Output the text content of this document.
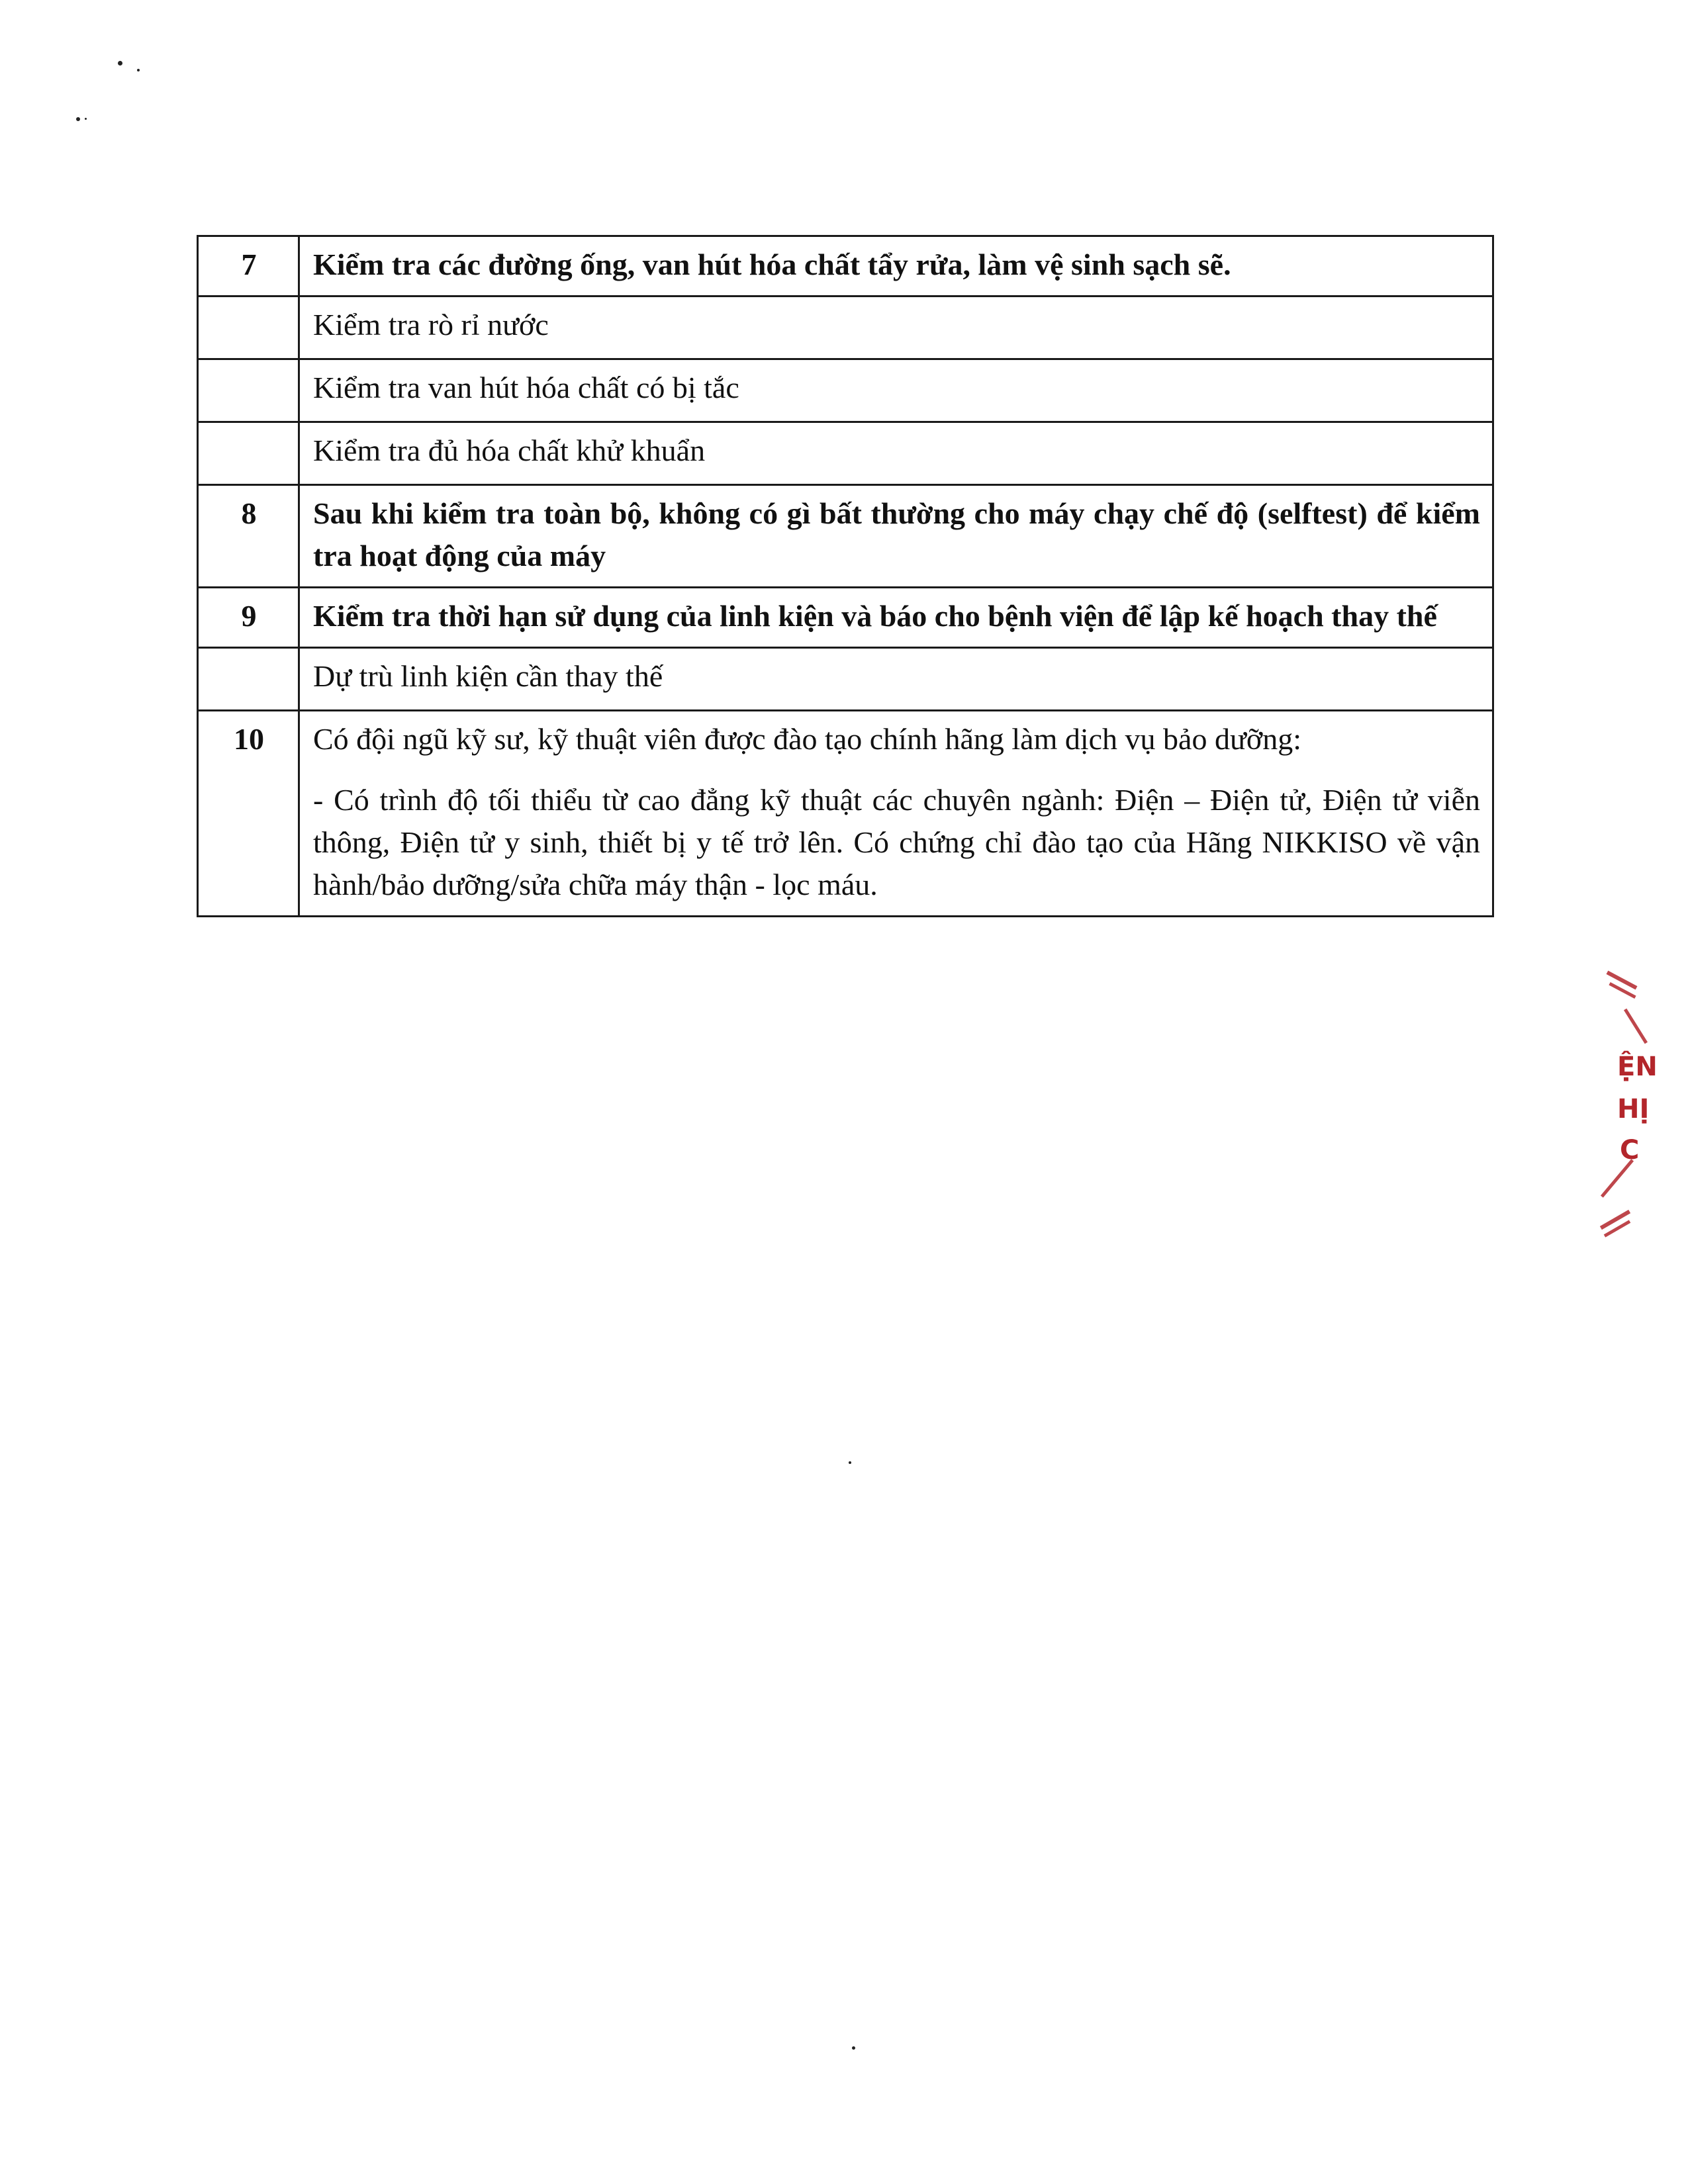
7	Kiểm tra các đường ống, van hút hóa chất tẩy rửa, làm vệ sinh sạch sẽ.
	Kiểm tra rò rỉ nước
	Kiểm tra van hút hóa chất có bị tắc
	Kiểm tra đủ hóa chất khử khuẩn
8	Sau khi kiểm tra toàn bộ, không có gì bất thường cho máy chạy chế độ (selftest) để kiểm tra hoạt động của máy
9	Kiểm tra thời hạn sử dụng của linh kiện và báo cho bệnh viện để lập kế hoạch thay thế
	Dự trù linh kiện cần thay thế
10	Có đội ngũ kỹ sư, kỹ thuật viên được đào tạo chính hãng làm dịch vụ bảo dưỡng:

- Có trình độ tối thiểu từ cao đẳng kỹ thuật các chuyên ngành: Điện – Điện tử, Điện tử viễn thông, Điện tử y sinh, thiết bị y tế trở lên. Có chứng chỉ đào tạo của Hãng NIKKISO về vận hành/bảo dưỡng/sửa chữa máy thận - lọc máu.

ỆN
HỊ
C
